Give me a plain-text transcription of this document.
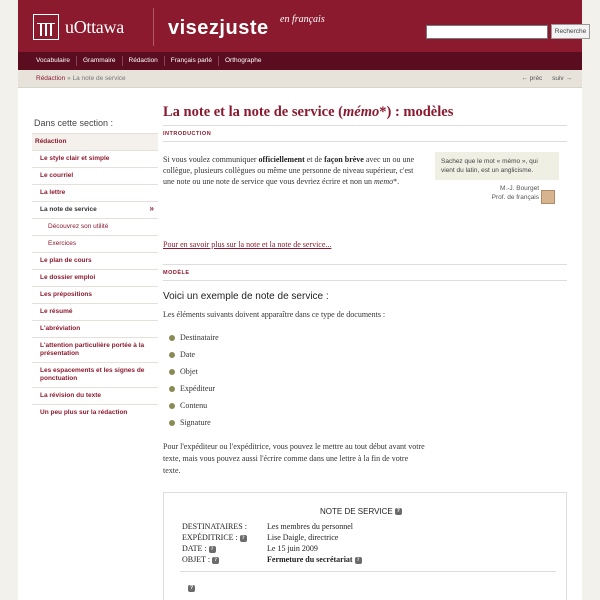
uOttawa visezjuste en français
Recherche
Vocabulaire	Grammaire	Rédaction	Français parlé	Orthographe
Rédaction » La note de service	← préc suiv →
Dans cette section :
Rédaction
Le style clair et simple
Le courriel
La lettre
La note de service	»
Découvrez son utilité
Exercices
Le plan de cours
Le dossier emploi
Les prépositions
Le résumé
L'abréviation
L'attention particulière portée à la présentation
Les espacements et les signes de ponctuation
La révision du texte
Un peu plus sur la rédaction
La note et la note de service (mémo*) : modèles
INTRODUCTION

Si vous voulez communiquer officiellement et de façon brève avec un ou une collègue, plusieurs collègues ou même une personne de niveau supérieur, c'est une note ou une note de service que vous devriez écrire et non un memo*.

Pour en savoir plus sur la note et la note de service...
Sachez que le mot « mémo », qui vient du latin, est un anglicisme.
M.-J. Bourget
Prof. de français
MODÈLE
Voici un exemple de note de service :
Les éléments suivants doivent apparaître dans ce type de documents :
Destinataire
Date
Objet
Expéditeur
Contenu
Signature

Pour l'expéditeur ou l'expéditrice, vous pouvez le mettre au tout début avant votre texte, mais vous pouvez aussi l'écrire comme dans une lettre à la fin de votre texte.

NOTE DE SERVICE ?
DESTINATAIRES :	Les membres du personnel
EXPÉDITRICE : ?	Lise Daigle, directrice
DATE : ?	Le 15 juin 2009
OBJET : ?	Fermeture du secrétariat ?
?
